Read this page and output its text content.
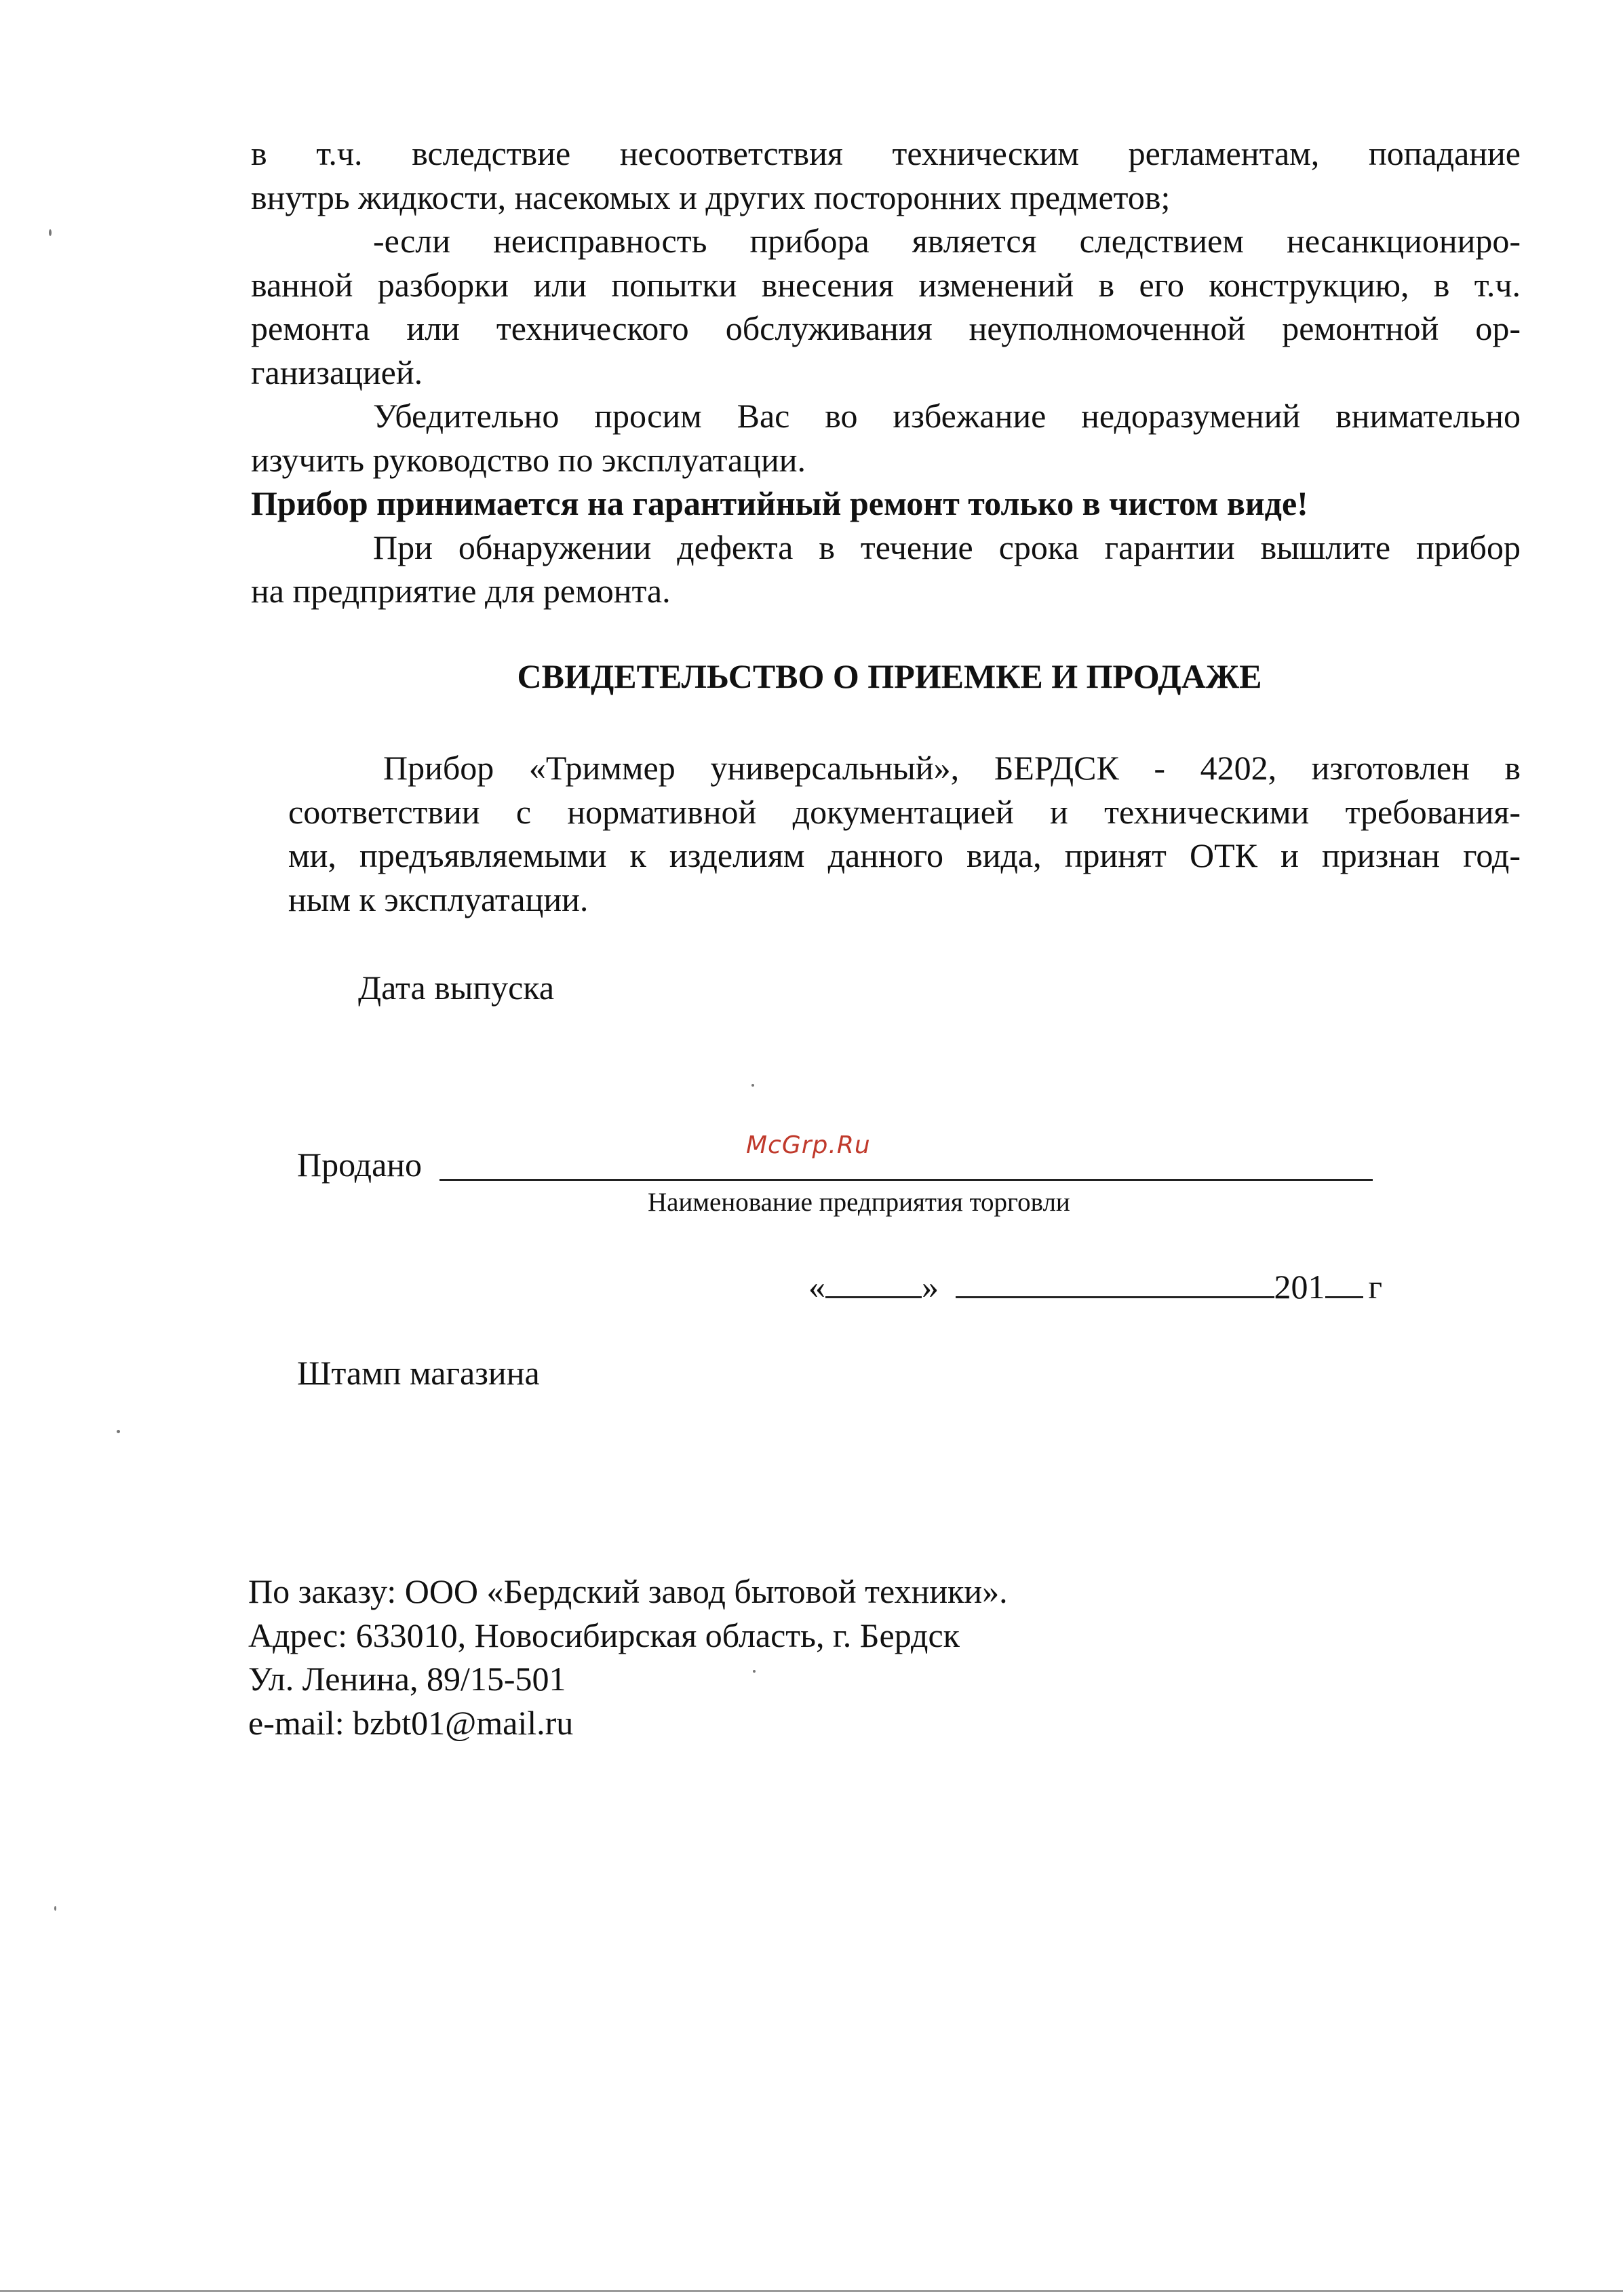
в т.ч. вследствие несоответствия техническим регламентам, попадание
внутрь жидкости, насекомых и других посторонних предметов;
-если неисправность прибора является следствием несанкциониро-
ванной разборки или попытки внесения изменений в его конструкцию, в т.ч.
ремонта или технического обслуживания неуполномоченной ремонтной ор-
ганизацией.
Убедительно просим Вас во избежание недоразумений внимательно
изучить руководство по эксплуатации.
Прибор принимается на гарантийный ремонт только в чистом виде!
При обнаружении дефекта в течение срока гарантии вышлите прибор
на предприятие для ремонта.
СВИДЕТЕЛЬСТВО О ПРИЕМКЕ И ПРОДАЖЕ
Прибор «Триммер универсальный», БЕРДСК - 4202, изготовлен в
соответствии с нормативной документацией и техническими требования-
ми, предъявляемыми к изделиям данного вида, принят ОТК и признан год-
ным к эксплуатации.
Дата выпуска
McGrp.Ru
Продано
Наименование предприятия торговли
«	»	201 г
Штамп магазина
По заказу: ООО «Бердский завод бытовой техники».
Адрес: 633010, Новосибирская область, г. Бердск
Ул. Ленина, 89/15-501
e-mail: bzbt01@mail.ru
